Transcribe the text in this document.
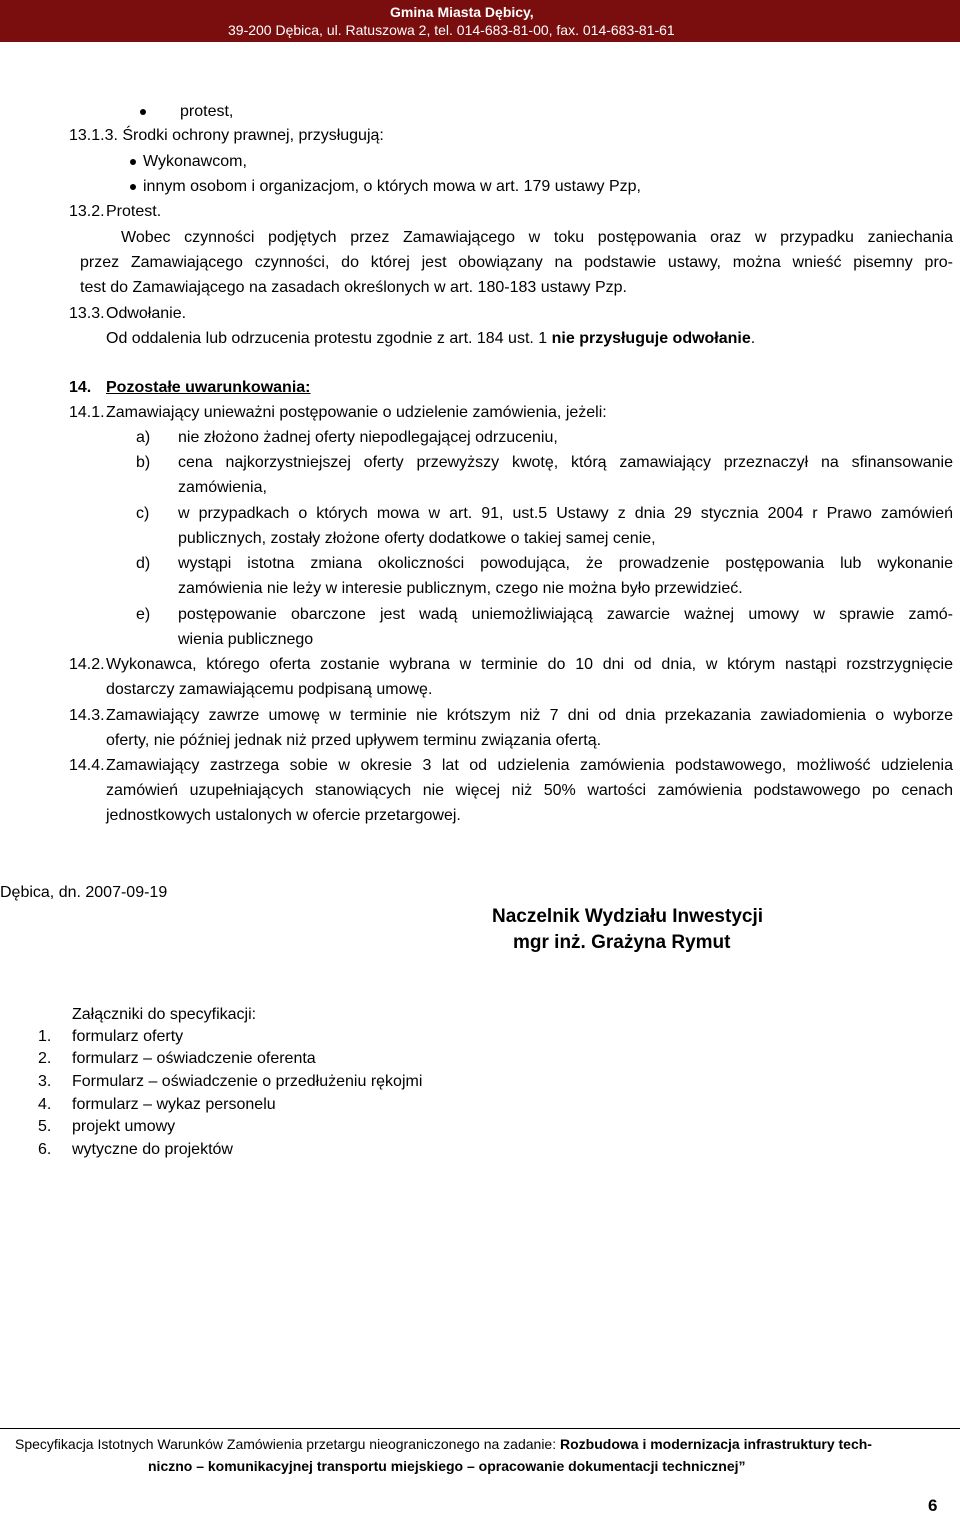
Gmina Miasta Dębicy,
39-200 Dębica, ul. Ratuszowa 2, tel. 014-683-81-00, fax. 014-683-81-61
protest,
13.1.3. Środki ochrony prawnej, przysługują:
Wykonawcom,
innym osobom i organizacjom, o których mowa w art. 179 ustawy Pzp,
13.2. Protest.
Wobec czynności podjętych przez Zamawiającego w toku postępowania oraz w przypadku zaniechania
przez Zamawiającego czynności, do której jest obowiązany na podstawie ustawy, można wnieść pisemny pro-
test do Zamawiającego na zasadach określonych w art. 180-183 ustawy Pzp.
13.3. Odwołanie.
Od oddalenia lub odrzucenia protestu zgodnie z art. 184 ust. 1 nie przysługuje odwołanie.
14. Pozostałe uwarunkowania:
14.1. Zamawiający unieważni postępowanie o udzielenie zamówienia, jeżeli:
a) nie złożono żadnej oferty niepodlegającej odrzuceniu,
b) cena najkorzystniejszej oferty przewyższy kwotę, którą zamawiający przeznaczył na sfinansowanie
zamówienia,
c) w przypadkach o których mowa w art. 91, ust.5 Ustawy z dnia 29 stycznia 2004 r Prawo zamówień
publicznych, zostały złożone oferty dodatkowe o takiej samej cenie,
d) wystąpi istotna zmiana okoliczności powodująca, że prowadzenie postępowania lub wykonanie
zamówienia nie leży w interesie publicznym, czego nie można było przewidzieć.
e) postępowanie obarczone jest wadą uniemożliwiającą zawarcie ważnej umowy w sprawie zamó-
wienia publicznego
14.2. Wykonawca, którego oferta zostanie wybrana w terminie do 10 dni od dnia, w którym nastąpi rozstrzygnięcie
dostarczy zamawiającemu podpisaną umowę.
14.3. Zamawiający zawrze umowę w terminie nie krótszym niż 7 dni od dnia przekazania zawiadomienia o wyborze
oferty, nie później jednak niż przed upływem terminu związania ofertą.
14.4. Zamawiający zastrzega sobie w okresie 3 lat od udzielenia zamówienia podstawowego, możliwość udzielenia
zamówień uzupełniających stanowiących nie więcej niż 50% wartości zamówienia podstawowego po cenach
jednostkowych ustalonych w ofercie przetargowej.
Dębica, dn. 2007-09-19
Naczelnik Wydziału Inwestycji
mgr inż. Grażyna Rymut
Załączniki do specyfikacji:
1. formularz oferty
2. formularz – oświadczenie oferenta
3. Formularz – oświadczenie o przedłużeniu rękojmi
4. formularz – wykaz personelu
5. projekt umowy
6. wytyczne do projektów
Specyfikacja Istotnych Warunków Zamówienia przetargu nieograniczonego na zadanie: Rozbudowa i modernizacja infrastruktury tech-
niczno – komunikacyjnej transportu miejskiego – opracowanie dokumentacji technicznej”
6
